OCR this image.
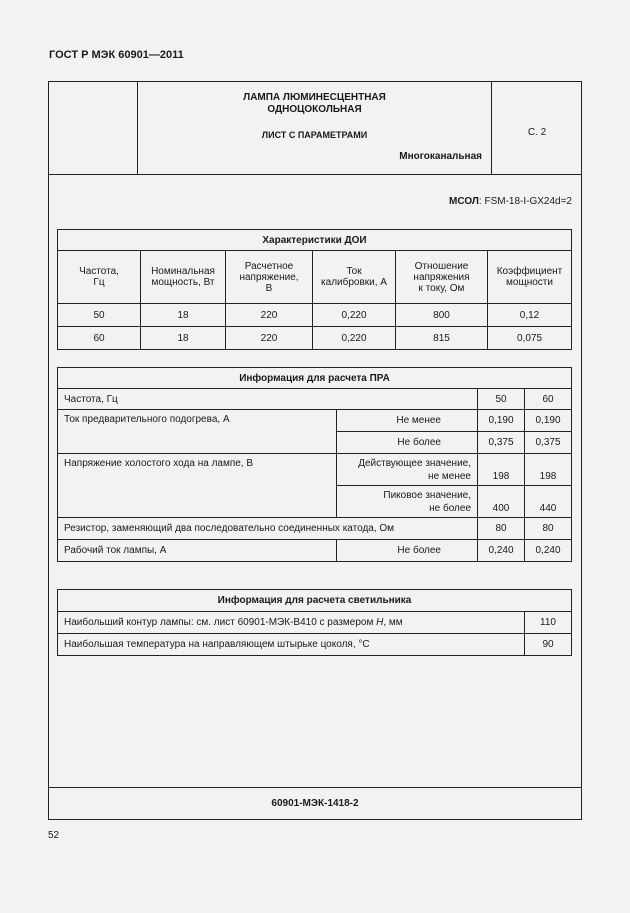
ГОСТ Р МЭК 60901—2011
ЛАМПА ЛЮМИНЕСЦЕНТНАЯ
ОДНОЦОКОЛЬНАЯ
ЛИСТ С ПАРАМЕТРАМИ
Многоканальная
С. 2
МСОЛ: FSM-18-I-GX24d=2
Характеристики ДОИ					
Частота,
Гц	Номинальная
мощность, Вт	Расчетное
напряжение,
В	Ток
калибровки, А	Отношение
напряжения
к току, Ом	Коэффициент
мощности
50	18	220	0,220	800	0,12
60	18	220	0,220	815	0,075
Информация для расчета ПРА			
Частота, Гц		50	60
Ток предварительного подогрева, А	Не менее	0,190	0,190
	Не более	0,375	0,375
Напряжение холостого хода на лампе, В	Действующее значение,
не менее	198	198
	Пиковое значение,
не более	400	440
Резистор, заменяющий два последовательно соединенных катода, Ом		80	80
Рабочий ток лампы, А	Не более	0,240	0,240
Информация для расчета светильника	
Наибольший контур лампы: см. лист 60901-МЭК-В410 с размером H, мм	110
Наибольшая температура на направляющем штырьке цоколя, °С	90
60901-МЭК-1418-2
52
